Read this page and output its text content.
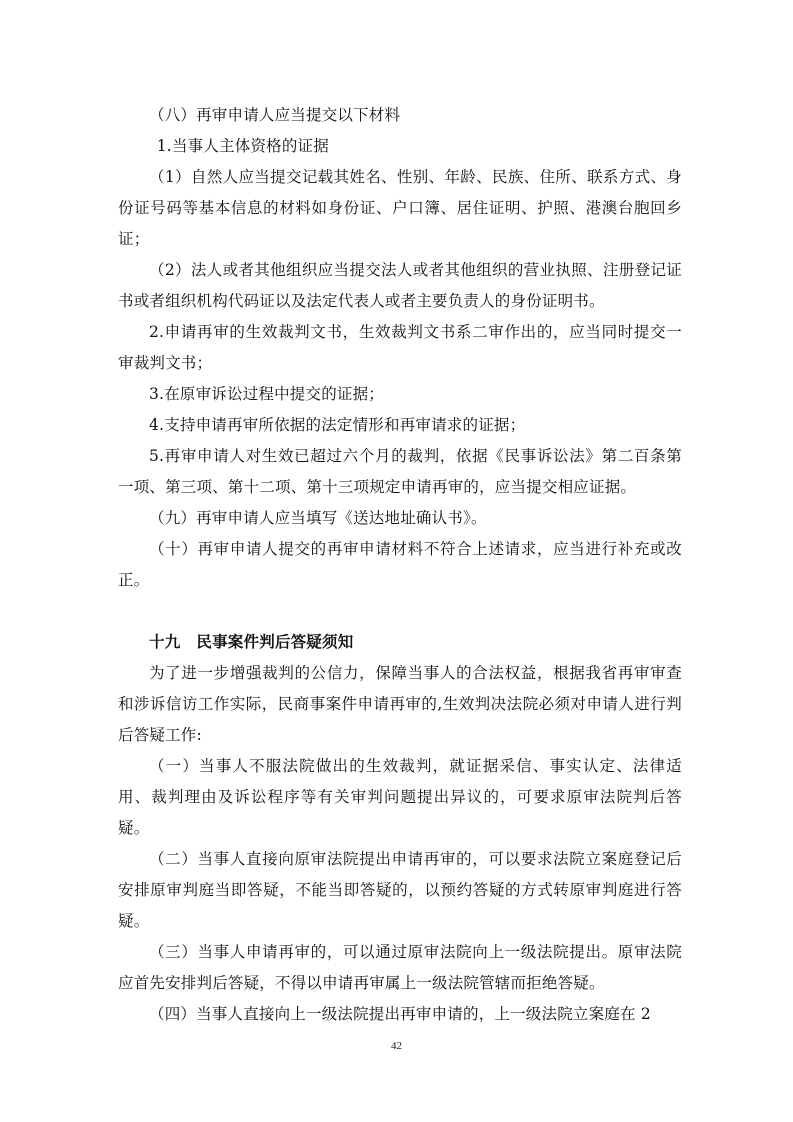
（八）再审申请人应当提交以下材料

1.当事人主体资格的证据

（1）自然人应当提交记载其姓名、性别、年龄、民族、住所、联系方式、身份证号码等基本信息的材料如身份证、户口簿、居住证明、护照、港澳台胞回乡证；

（2）法人或者其他组织应当提交法人或者其他组织的营业执照、注册登记证书或者组织机构代码证以及法定代表人或者主要负责人的身份证明书。

2.申请再审的生效裁判文书，生效裁判文书系二审作出的，应当同时提交一审裁判文书；

3.在原审诉讼过程中提交的证据；

4.支持申请再审所依据的法定情形和再审请求的证据；

5.再审申请人对生效已超过六个月的裁判，依据《民事诉讼法》第二百条第一项、第三项、第十二项、第十三项规定申请再审的，应当提交相应证据。

（九）再审申请人应当填写《送达地址确认书》。

（十）再审申请人提交的再审申请材料不符合上述请求，应当进行补充或改正。

十九 民事案件判后答疑须知

为了进一步增强裁判的公信力，保障当事人的合法权益，根据我省再审审查和涉诉信访工作实际，民商事案件申请再审的,生效判决法院必须对申请人进行判后答疑工作:

（一）当事人不服法院做出的生效裁判，就证据采信、事实认定、法律适用、裁判理由及诉讼程序等有关审判问题提出异议的，可要求原审法院判后答疑。

（二）当事人直接向原审法院提出申请再审的，可以要求法院立案庭登记后安排原审判庭当即答疑，不能当即答疑的，以预约答疑的方式转原审判庭进行答疑。

（三）当事人申请再审的，可以通过原审法院向上一级法院提出。原审法院应首先安排判后答疑，不得以申请再审属上一级法院管辖而拒绝答疑。

（四）当事人直接向上一级法院提出再审申请的，上一级法院立案庭在 2

42
